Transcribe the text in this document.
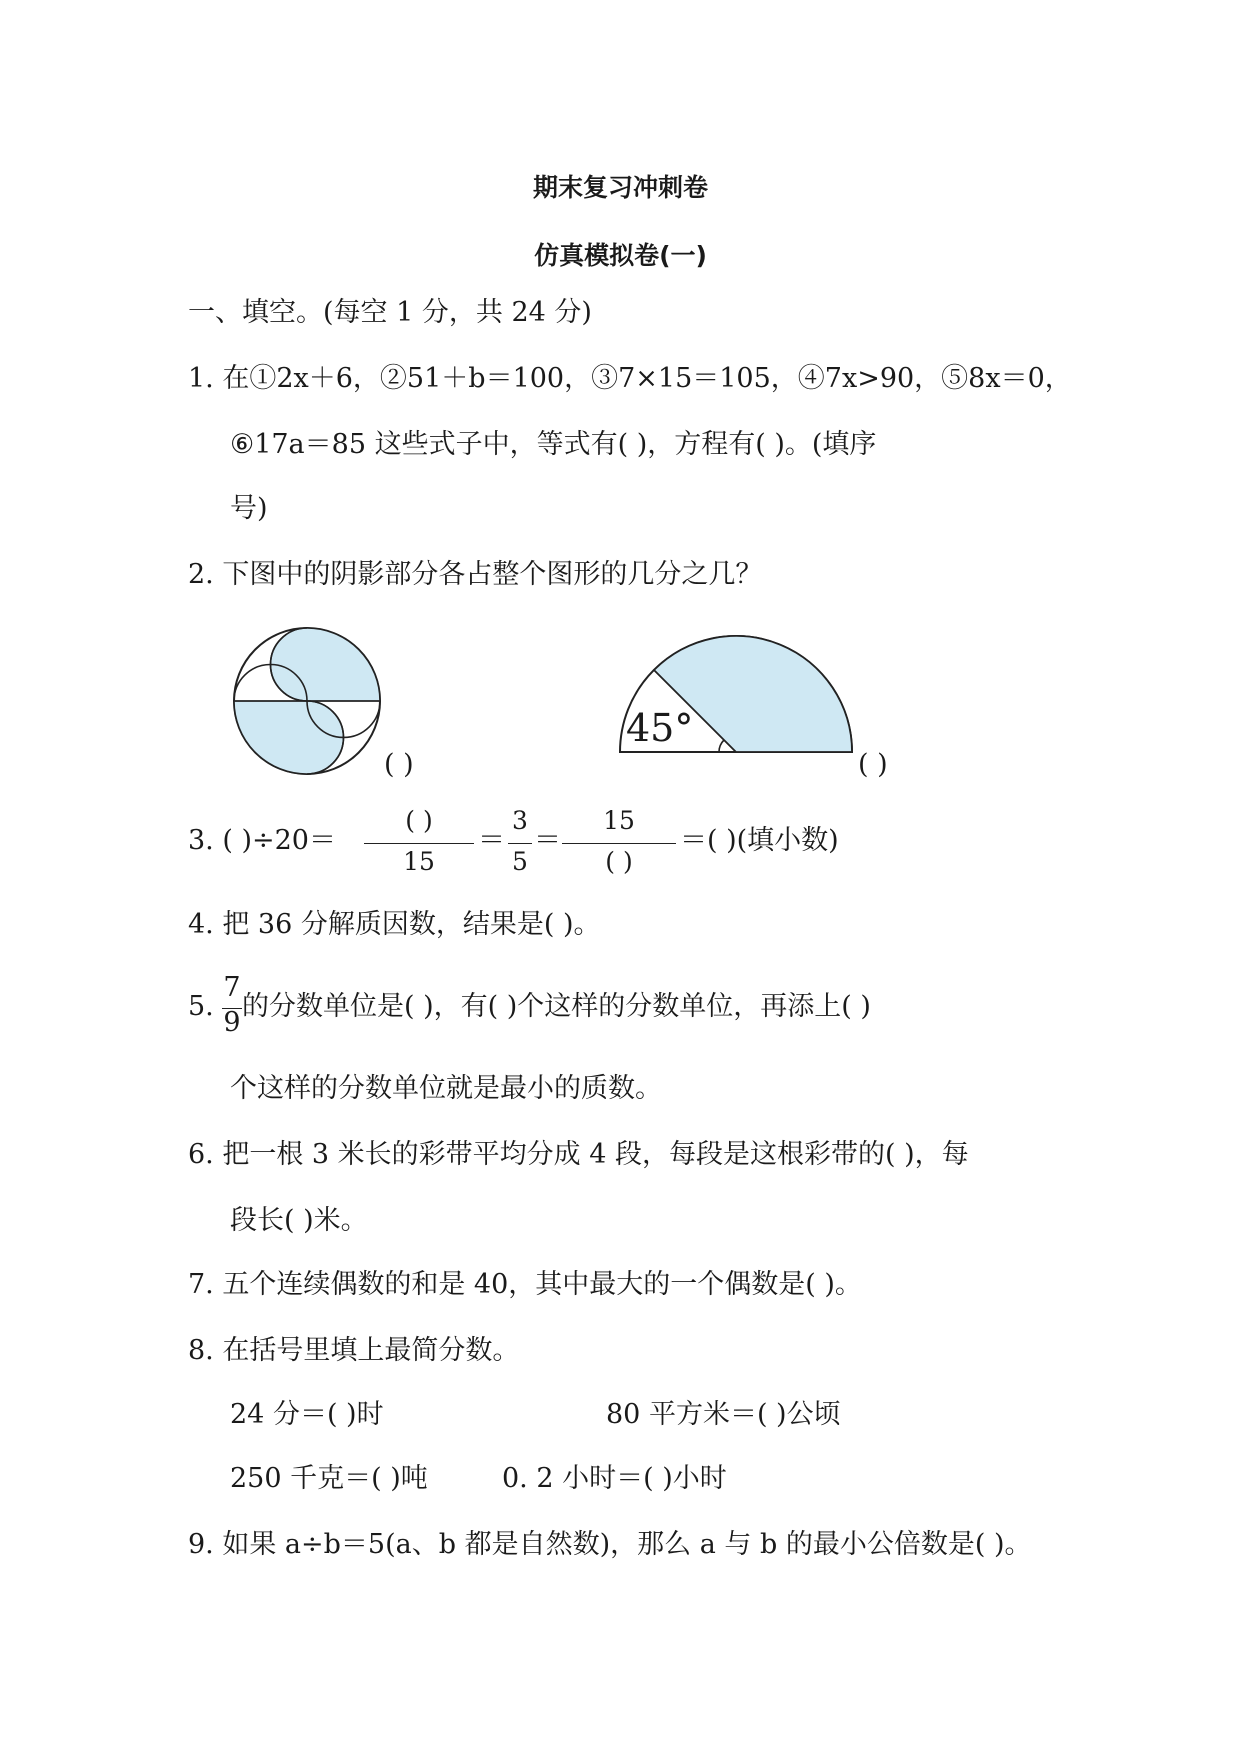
期末复习冲刺卷
仿真模拟卷(一)
一、填空。(每空 1 分，共 24 分)
1. 在①2x＋6，②51＋b＝100，③7×15＝105，④7x>90，⑤8x＝0，
⑥17a＝85 这些式子中，等式有( )，方程有( )。(填序
号)
2. 下图中的阴影部分各占整个图形的几分之几？
( )
45°
( )
3. ( )÷20＝
( )
15
＝
3
5
＝
15
( )
＝( )(填小数)
4. 把 36 分解质因数，结果是( )。
5.
7
9
的分数单位是( )，有( )个这样的分数单位，再添上( )
个这样的分数单位就是最小的质数。
6. 把一根 3 米长的彩带平均分成 4 段，每段是这根彩带的( )，每
段长( )米。
7. 五个连续偶数的和是 40，其中最大的一个偶数是( )。
8. 在括号里填上最简分数。
24 分＝( )时	80 平方米＝( )公顷
250 千克＝( )吨	0. 2 小时＝( )小时
9. 如果 a÷b＝5(a、b 都是自然数)，那么 a 与 b 的最小公倍数是( )。
